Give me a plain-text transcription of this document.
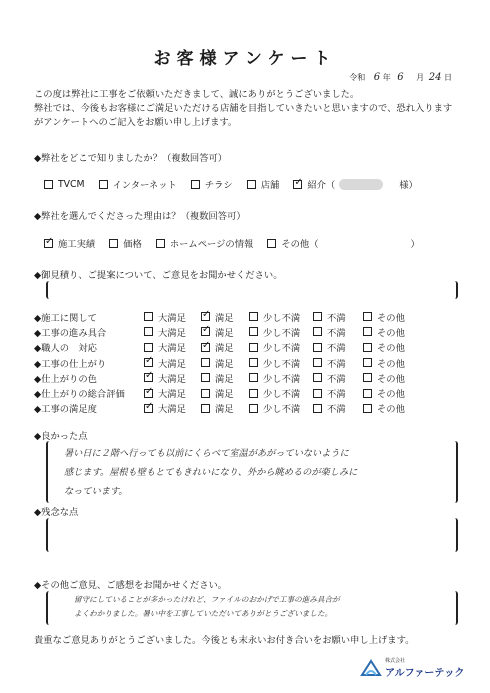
お客様アンケート
令和 6 年 6 月 24 日
この度は弊社に工事をご依頼いただきまして、誠にありがとうございました。
弊社では、今後もお客様にご満足いただける店舗を目指していきたいと思いますので、恐れ入ります
がアンケートへのご記入をお願い申し上げます。
◆弊社をどこで知りましたか？（複数回答可）
TVCM	インターネット	チラシ	店舗 ✓	紹介（	様）
◆弊社を選んでくださった理由は？（複数回答可）
✓
施工実績	価格	ホームページの情報	その他（	）
◆御見積り、ご提案について、ご意見をお聞かせください。
◆施工に関して	大満足 ✓	満足	少し不満	不満	その他
◆工事の進み具合	大満足 ✓	満足	少し不満	不満	その他
◆職人の　対応	大満足 ✓	満足	少し不満	不満	その他
◆工事の仕上がり ✓	大満足	満足	少し不満	不満	その他
◆仕上がりの色 ✓	大満足	満足	少し不満	不満	その他
◆仕上がりの総合評価 ✓	大満足	満足	少し不満	不満	その他
◆工事の満足度 ✓	大満足	満足	少し不満	不満	その他
◆良かった点
暑い日に２階へ行っても以前にくらべて室温があがっていないように
感じます。屋根も壁もとてもきれいになり、外から眺めるのが楽しみに
なっています。
◆残念な点
◆その他ご意見、ご感想をお聞かせください。
留守にしていることが多かったけれど、ファイルのおかげで工事の進み具合が
よくわかりました。暑い中を工事していただいてありがとうございました。
貴重なご意見ありがとうございました。今後とも末永いお付き合いをお願い申し上げます。
株式会社
アルファーテック
